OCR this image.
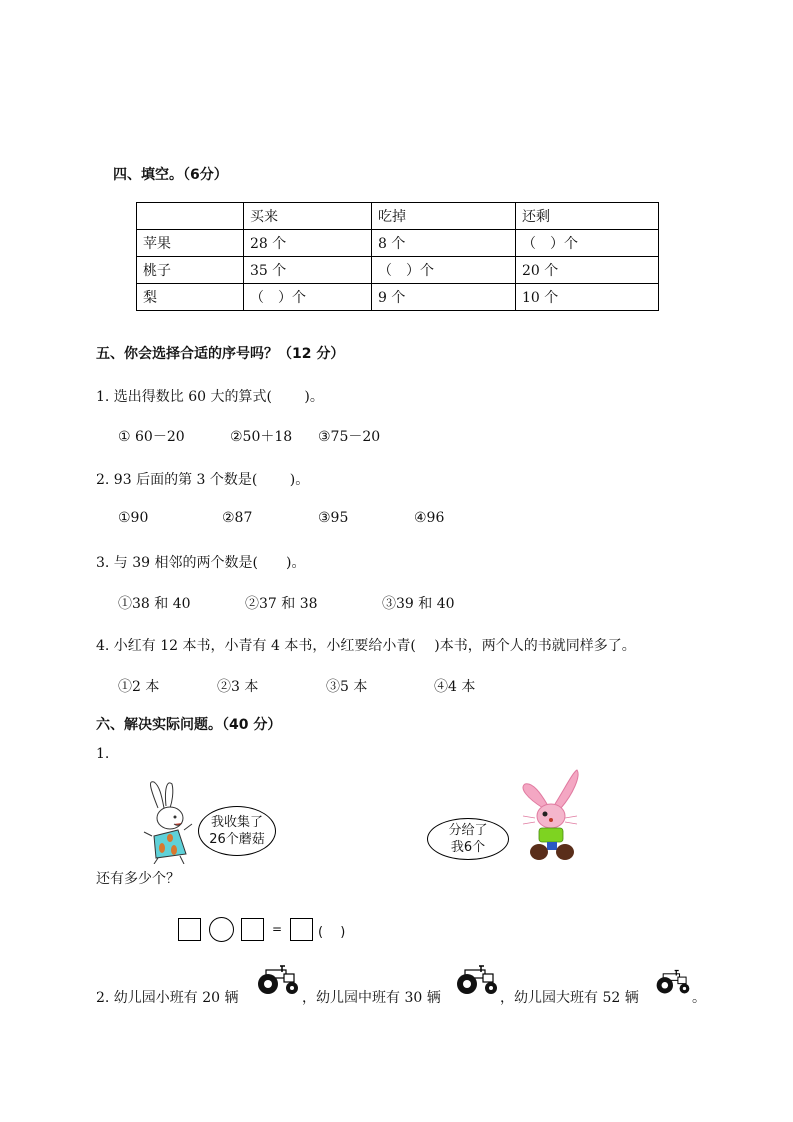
四、填空。（6分）
	买来	吃掉	还剩
苹果	28 个	8 个	（　）个
桃子	35 个	（　）个	20 个
梨	（　）个	9 个	10 个
五、你会选择合适的序号吗？（12 分）
1. 选出得数比 60 大的算式(　　 )。
① 60－20	②50＋18 ③75－20
2. 93 后面的第 3 个数是(　　 )。
①90	②87	③95	④96
3. 与 39 相邻的两个数是(　　)。
①38 和 40	②37 和 38	③39 和 40
4. 小红有 12 本书，小青有 4 本书，小红要给小青(　 )本书，两个人的书就同样多了。
①2 本	②3 本	③5 本	④4 本
六、解决实际问题。（40 分）
1.
我收集了
26个蘑菇
分给了
我6个
还有多少个？
=	(　 )
2. 幼儿园小班有 20 辆	，幼儿园中班有 30 辆	，幼儿园大班有 52 辆	。
